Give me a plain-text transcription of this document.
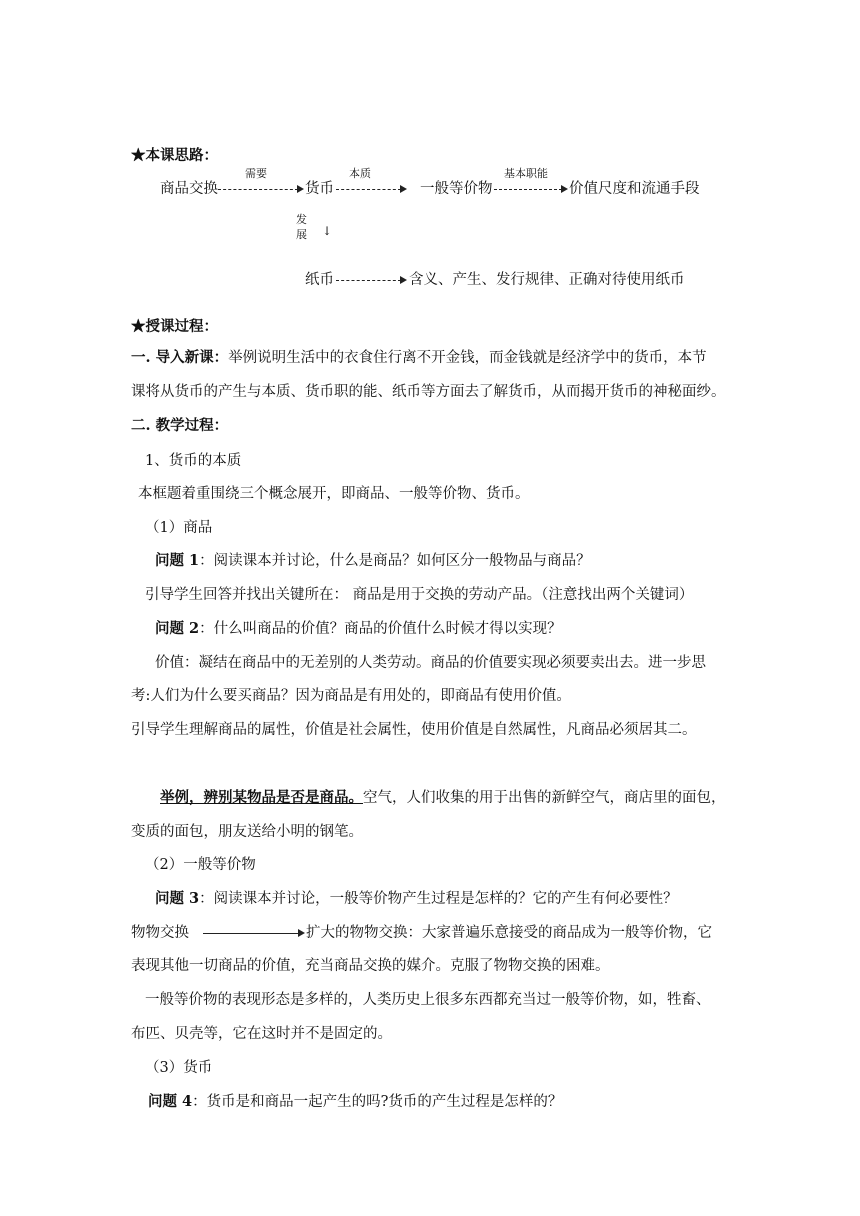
★本课思路：
需要	本质	基本职能
商品交换	货币	一般等价物	价值尺度和流通手段
发
展 ↓
纸币	含义、产生、发行规律、正确对待使用纸币
★授课过程：
一. 导入新课：举例说明生活中的衣食住行离不开金钱，而金钱就是经济学中的货币，本节
课将从货币的产生与本质、货币职的能、纸币等方面去了解货币，从而揭开货币的神秘面纱。
二. 教学过程：
1、货币的本质
本框题着重围绕三个概念展开，即商品、一般等价物、货币。
（1）商品
问题 1：阅读课本并讨论，什么是商品？如何区分一般物品与商品？
引导学生回答并找出关键所在： 商品是用于交换的劳动产品。（注意找出两个关键词）
问题 2：什么叫商品的价值？商品的价值什么时候才得以实现？
价值：凝结在商品中的无差别的人类劳动。商品的价值要实现必须要卖出去。进一步思
考:人们为什么要买商品？因为商品是有用处的，即商品有使用价值。
引导学生理解商品的属性，价值是社会属性，使用价值是自然属性，凡商品必须居其二。
举例，辨别某物品是否是商品。空气，人们收集的用于出售的新鲜空气，商店里的面包，
变质的面包，朋友送给小明的钢笔。
（2）一般等价物
问题 3：阅读课本并讨论，一般等价物产生过程是怎样的？它的产生有何必要性？
物物交换	扩大的物物交换：大家普遍乐意接受的商品成为一般等价物，它
表现其他一切商品的价值，充当商品交换的媒介。克服了物物交换的困难。
一般等价物的表现形态是多样的，人类历史上很多东西都充当过一般等价物，如，牲畜、
布匹、贝壳等，它在这时并不是固定的。
（3）货币
问题 4：货币是和商品一起产生的吗?货币的产生过程是怎样的？
